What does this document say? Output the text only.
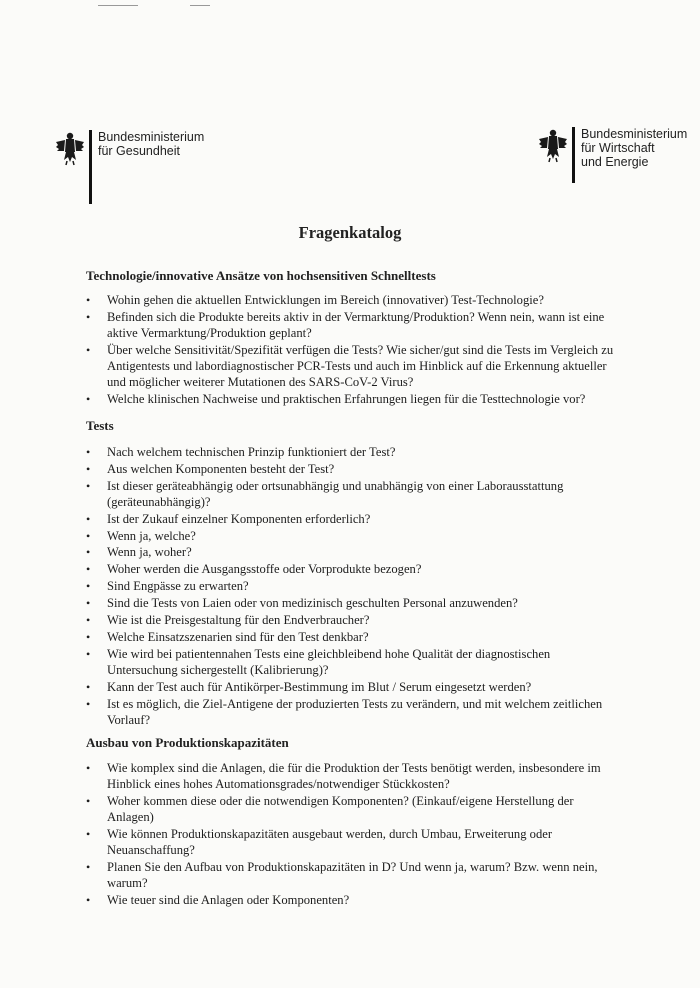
Bundesministerium
für Gesundheit
Bundesministerium
für Wirtschaft
und Energie
Fragenkatalog

Technologie/innovative Ansätze von hochsensitiven Schnelltests

• Wohin gehen die aktuellen Entwicklungen im Bereich (innovativer) Test-Technologie?
• Befinden sich die Produkte bereits aktiv in der Vermarktung/Produktion? Wenn nein, wann ist eine aktive Vermarktung/Produktion geplant?
• Über welche Sensitivität/Spezifität verfügen die Tests? Wie sicher/gut sind die Tests im Vergleich zu Antigentests und labordiagnostischer PCR-Tests und auch im Hinblick auf die Erkennung aktueller und möglicher weiterer Mutationen des SARS-CoV-2 Virus?
• Welche klinischen Nachweise und praktischen Erfahrungen liegen für die Testtechnologie vor?

Tests

• Nach welchem technischen Prinzip funktioniert der Test?
• Aus welchen Komponenten besteht der Test?
• Ist dieser geräteabhängig oder ortsunabhängig und unabhängig von einer Laborausstattung (geräteunabhängig)?
• Ist der Zukauf einzelner Komponenten erforderlich?
• Wenn ja, welche?
• Wenn ja, woher?
• Woher werden die Ausgangsstoffe oder Vorprodukte bezogen?
• Sind Engpässe zu erwarten?
• Sind die Tests von Laien oder von medizinisch geschulten Personal anzuwenden?
• Wie ist die Preisgestaltung für den Endverbraucher?
• Welche Einsatzszenarien sind für den Test denkbar?
• Wie wird bei patientennahen Tests eine gleichbleibend hohe Qualität der diagnostischen Untersuchung sichergestellt (Kalibrierung)?
• Kann der Test auch für Antikörper-Bestimmung im Blut / Serum eingesetzt werden?
• Ist es möglich, die Ziel-Antigene der produzierten Tests zu verändern, und mit welchem zeitlichen Vorlauf?

Ausbau von Produktionskapazitäten

• Wie komplex sind die Anlagen, die für die Produktion der Tests benötigt werden, insbesondere im Hinblick eines hohes Automationsgrades/notwendiger Stückkosten?
• Woher kommen diese oder die notwendigen Komponenten? (Einkauf/eigene Herstellung der Anlagen)
• Wie können Produktionskapazitäten ausgebaut werden, durch Umbau, Erweiterung oder Neuanschaffung?
• Planen Sie den Aufbau von Produktionskapazitäten in D? Und wenn ja, warum? Bzw. wenn nein, warum?
• Wie teuer sind die Anlagen oder Komponenten?
